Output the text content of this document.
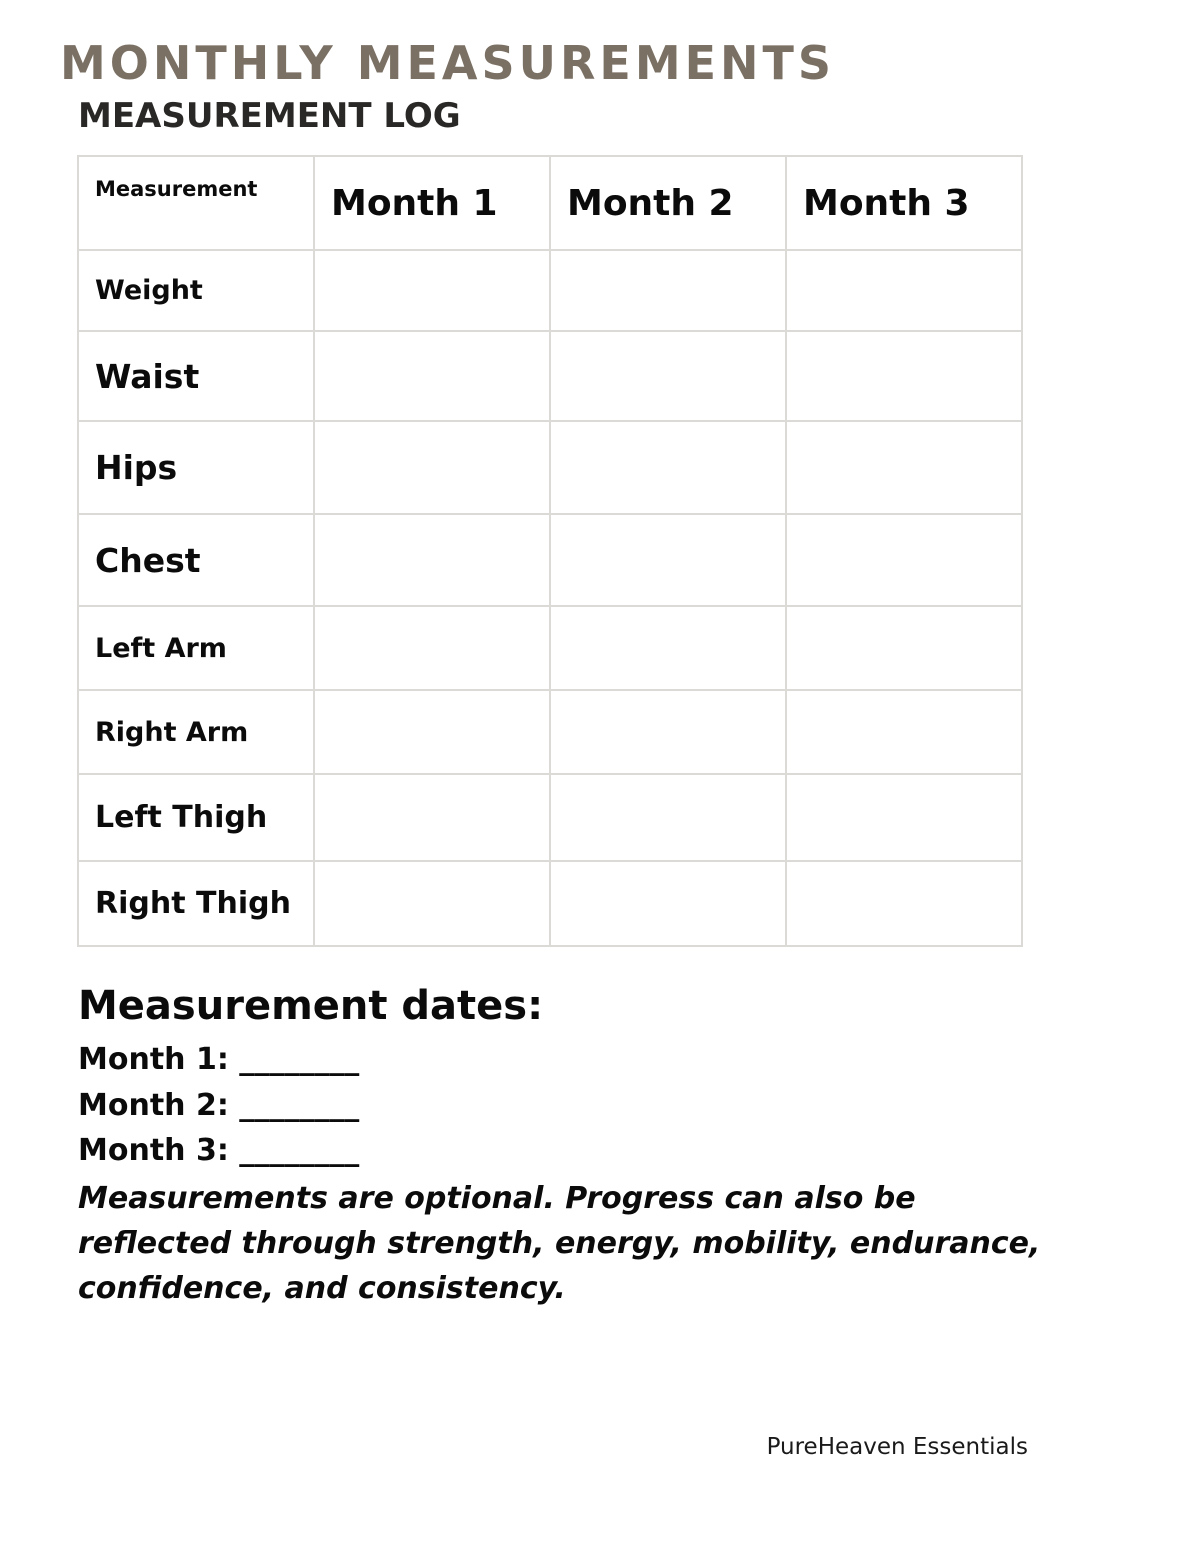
MONTHLY MEASUREMENTS
MEASUREMENT LOG
Measurement	Month 1	Month 2	Month 3
Weight			
Waist			
Hips			
Chest			
Left Arm			
Right Arm			
Left Thigh			
Right Thigh			
Measurement dates:
Month 1: ________
Month 2: ________
Month 3: ________

Measurements are optional. Progress can also be reflected through strength, energy, mobility, endurance, confidence, and consistency.

PureHeaven Essentials
